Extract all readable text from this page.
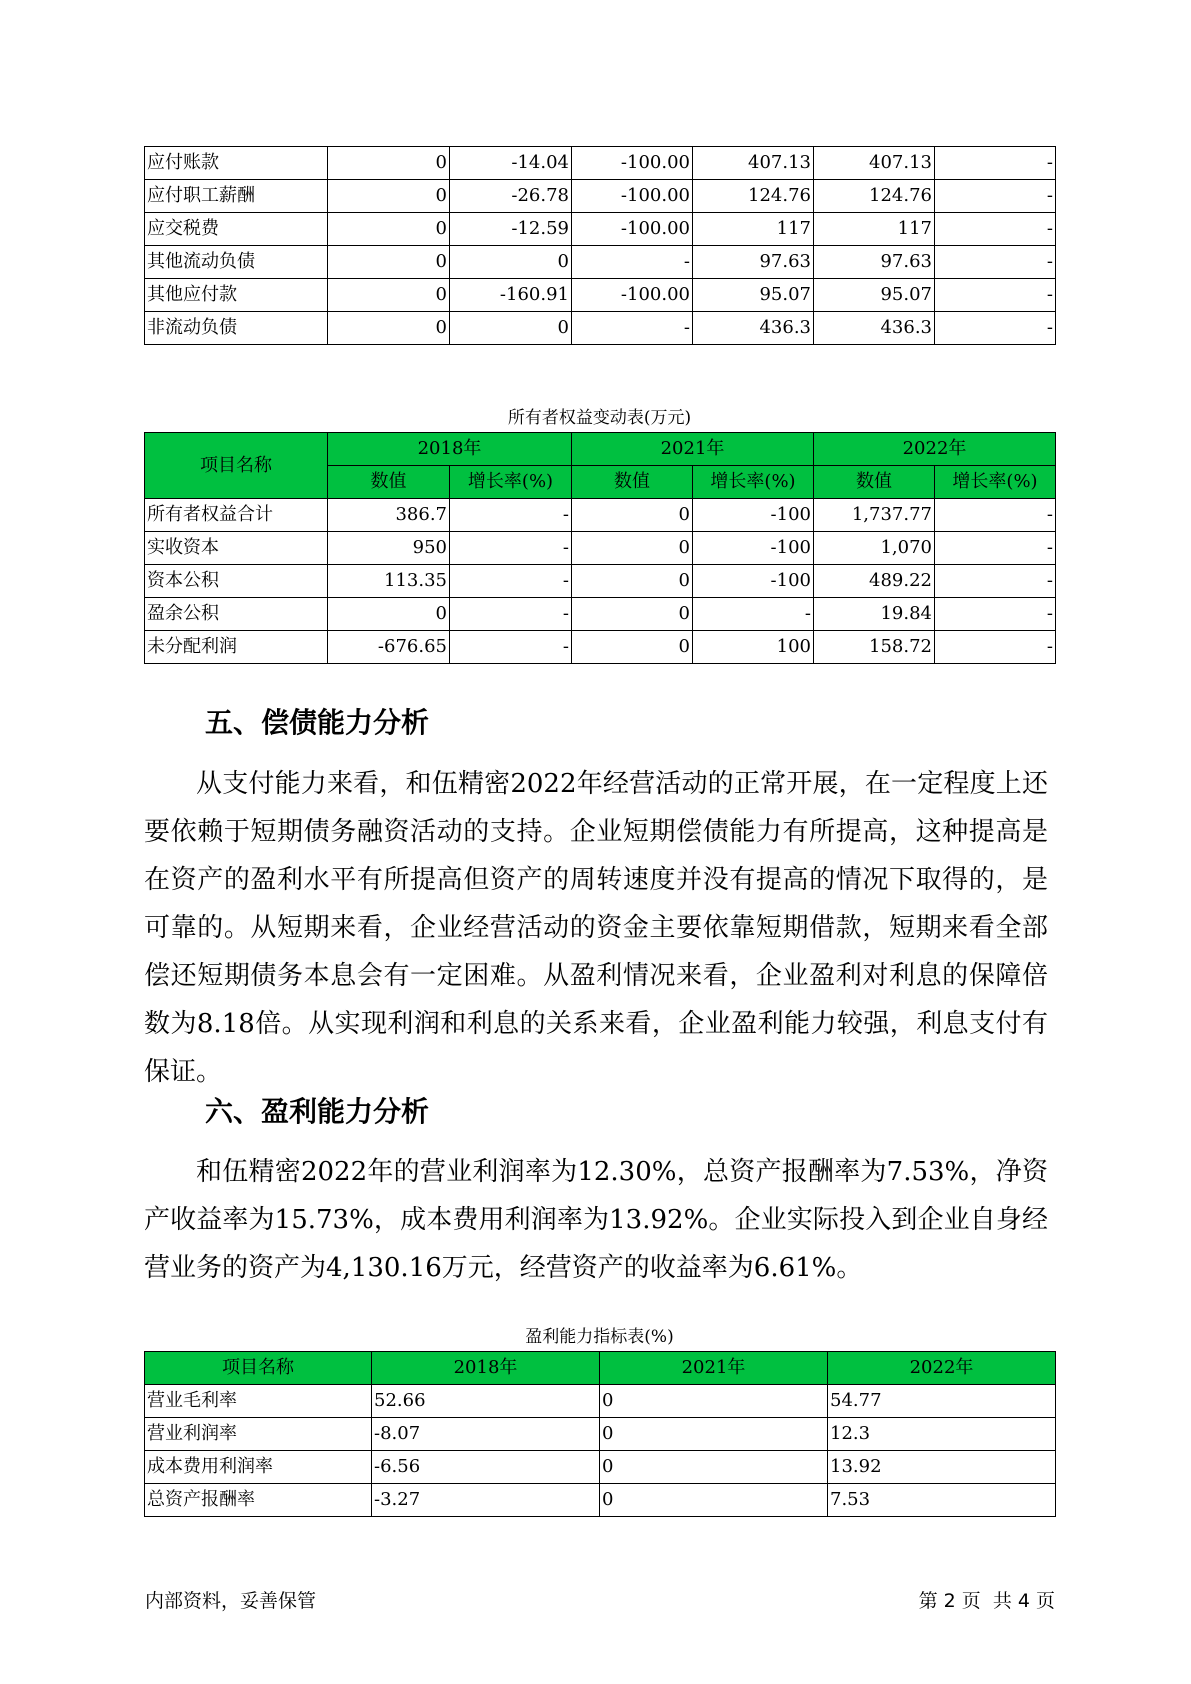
应付账款	0	-14.04	-100.00	407.13	407.13	-
应付职工薪酬	0	-26.78	-100.00	124.76	124.76	-
应交税费	0	-12.59	-100.00	117	117	-
其他流动负债	0	0	-	97.63	97.63	-
其他应付款	0	-160.91	-100.00	95.07	95.07	-
非流动负债	0	0	-	436.3	436.3	-
所有者权益变动表(万元)
项目名称	2018年		2021年		2022年	
	数值	增长率(%)	数值	增长率(%)	数值	增长率(%)
所有者权益合计	386.7	-	0	-100	1,737.77	-
实收资本	950	-	0	-100	1,070	-
资本公积	113.35	-	0	-100	489.22	-
盈余公积	0	-	0	-	19.84	-
未分配利润	-676.65	-	0	100	158.72	-
五、偿债能力分析

从支付能力来看，和伍精密2022年经营活动的正常开展，在一定程度上还要依赖于短期债务融资活动的支持。企业短期偿债能力有所提高，这种提高是在资产的盈利水平有所提高但资产的周转速度并没有提高的情况下取得的，是可靠的。从短期来看，企业经营活动的资金主要依靠短期借款，短期来看全部偿还短期债务本息会有一定困难。从盈利情况来看，企业盈利对利息的保障倍数为8.18倍。从实现利润和利息的关系来看，企业盈利能力较强，利息支付有保证。

六、盈利能力分析

和伍精密2022年的营业利润率为12.30%，总资产报酬率为7.53%，净资产收益率为15.73%，成本费用利润率为13.92%。企业实际投入到企业自身经营业务的资产为4,130.16万元，经营资产的收益率为6.61%。

盈利能力指标表(%)
项目名称	2018年	2021年	2022年
营业毛利率	52.66	0	54.77
营业利润率	-8.07	0	12.3
成本费用利润率	-6.56	0	13.92
总资产报酬率	-3.27	0	7.53
内部资料，妥善保管	第 2 页  共 4 页
